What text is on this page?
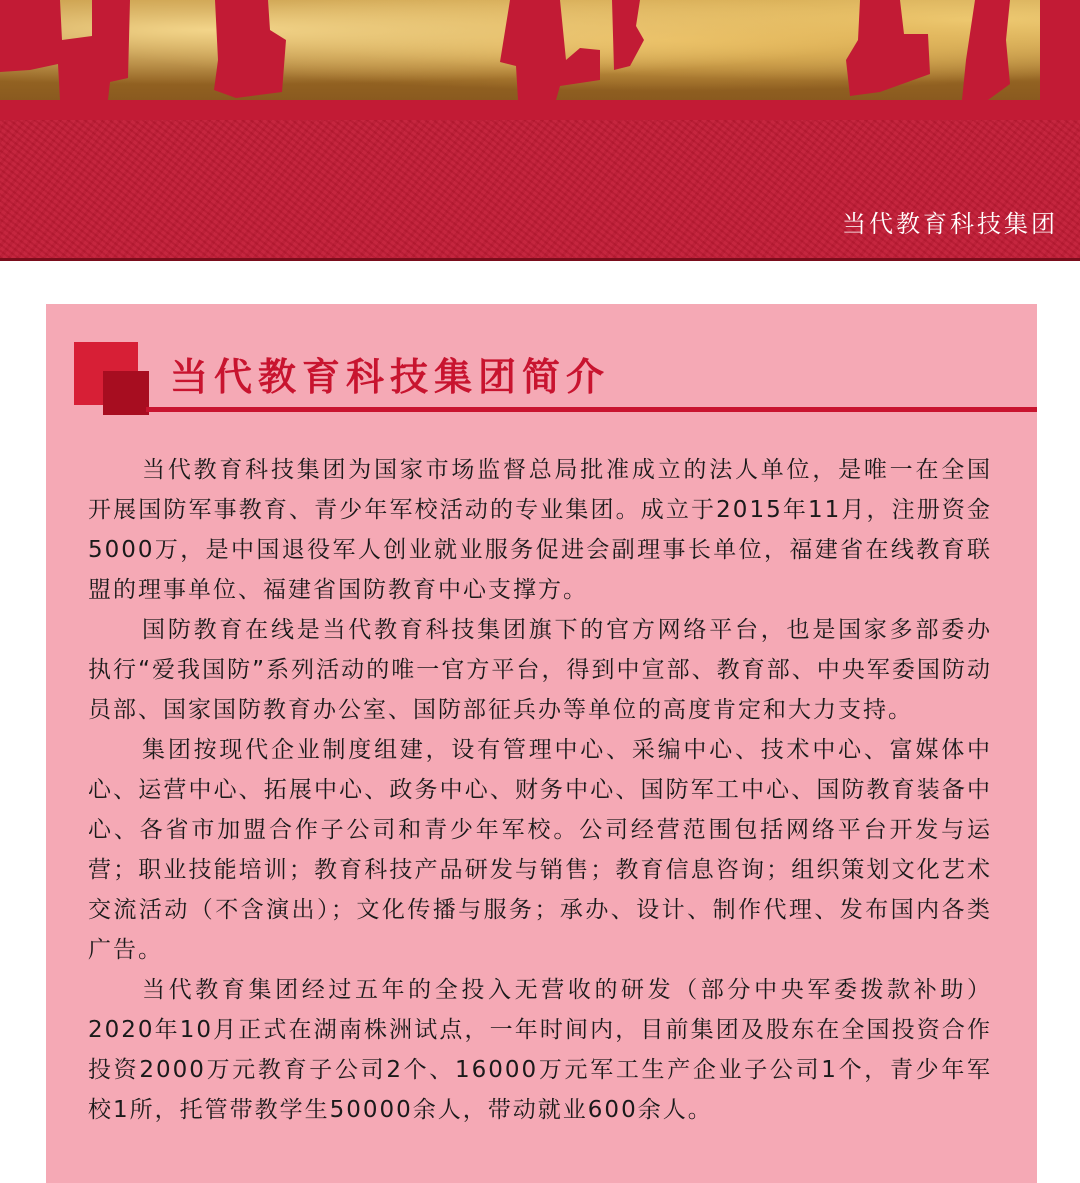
当代教育科技集团
当代教育科技集团简介

当代教育科技集团为国家市场监督总局批准成立的法人单位，是唯一在全国开展国防军事教育、青少年军校活动的专业集团。成立于2015年11月，注册资金5000万，是中国退役军人创业就业服务促进会副理事长单位，福建省在线教育联盟的理事单位、福建省国防教育中心支撑方。

国防教育在线是当代教育科技集团旗下的官方网络平台，也是国家多部委办执行“爱我国防”系列活动的唯一官方平台，得到中宣部、教育部、中央军委国防动员部、国家国防教育办公室、国防部征兵办等单位的高度肯定和大力支持。

集团按现代企业制度组建，设有管理中心、采编中心、技术中心、富媒体中心、运营中心、拓展中心、政务中心、财务中心、国防军工中心、国防教育装备中心、各省市加盟合作子公司和青少年军校。公司经营范围包括网络平台开发与运营；职业技能培训；教育科技产品研发与销售；教育信息咨询；组织策划文化艺术交流活动（不含演出）；文化传播与服务；承办、设计、制作代理、发布国内各类广告。

当代教育集团经过五年的全投入无营收的研发（部分中央军委拨款补助）2020年10月正式在湖南株洲试点，一年时间内，目前集团及股东在全国投资合作投资2000万元教育子公司2个、16000万元军工生产企业子公司1个，青少年军校1所，托管带教学生50000余人，带动就业600余人。
